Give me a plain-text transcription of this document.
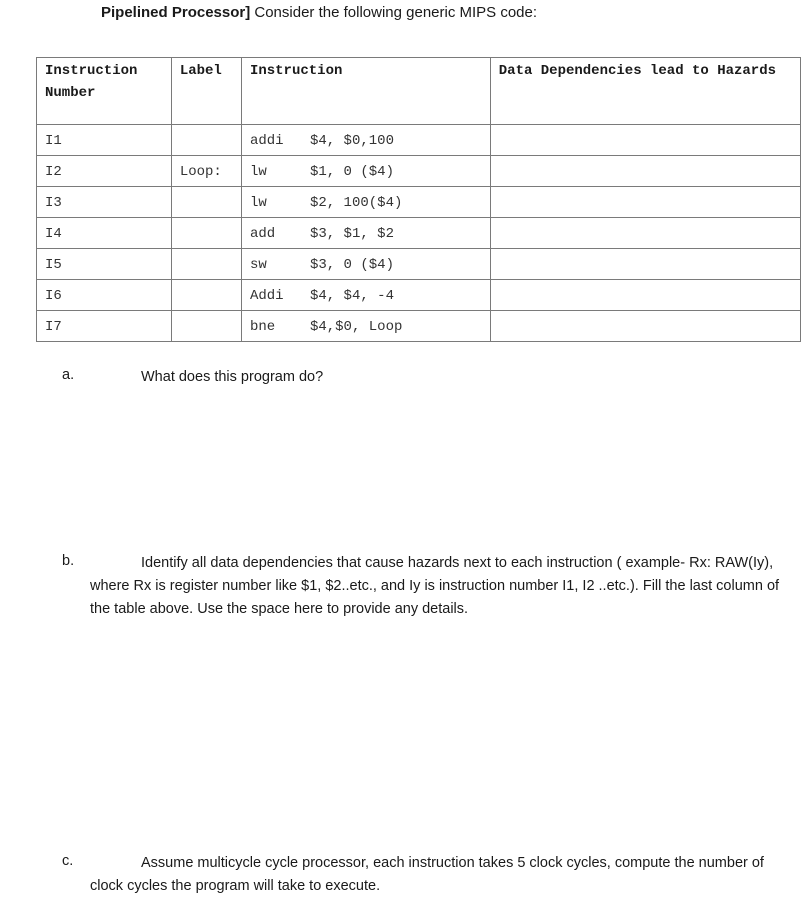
Pipelined Processor] Consider the following generic MIPS code:
Instruction Number	Label	Instruction	Data Dependencies lead to Hazards
I1		addi $4, $0,100	
I2	Loop:	lw $1, 0 ($4)	
I3		lw $2, 100($4)	
I4		add $3, $1, $2	
I5		sw $3, 0 ($4)	
I6		Addi $4, $4, -4	
I7		bne $4,$0, Loop	
a.	What does this program do?
b.	Identify all data dependencies that cause hazards next to each instruction ( example- Rx: RAW(Iy), where Rx is register number like $1, $2..etc., and Iy is instruction number I1, I2 ..etc.). Fill the last column of the table above. Use the space here to provide any details.
c.	Assume multicycle cycle processor, each instruction takes 5 clock cycles, compute the number of clock cycles the program will take to execute.
